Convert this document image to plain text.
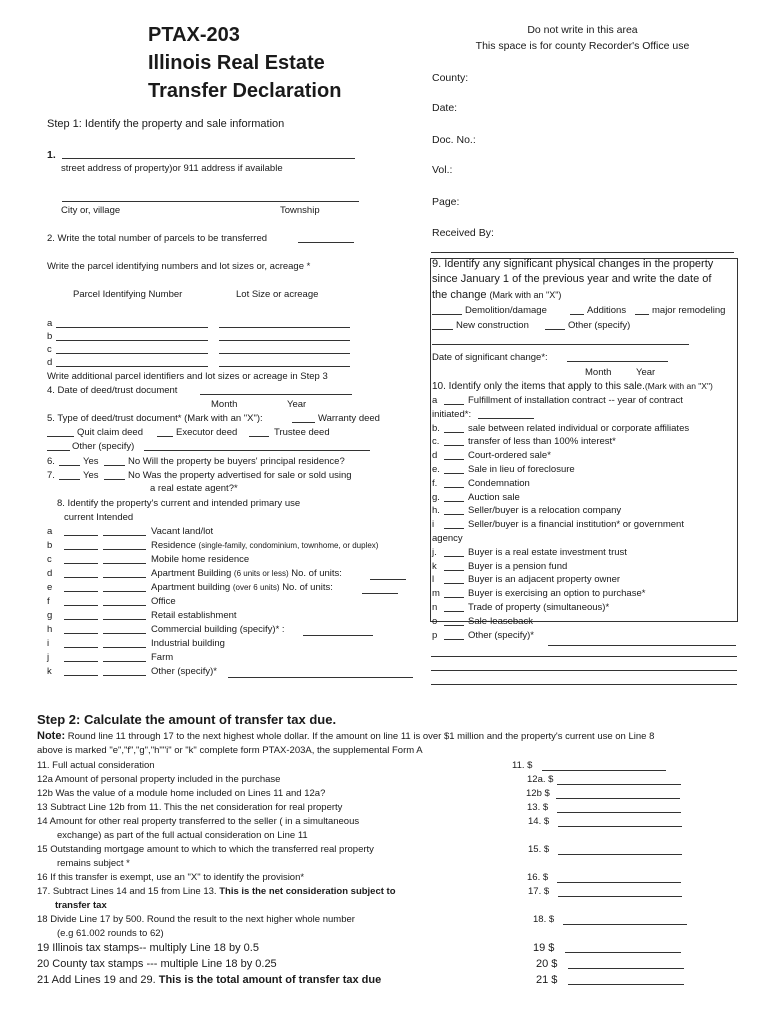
PTAX-203
Illinois Real Estate
Transfer Declaration
Do not write in this area
This space is for county Recorder's Office use
County:
Date:
Doc. No.:
Vol.:
Page:
Received By:
Step 1: Identify the property and sale information
1.
street address of property)or 911 address if available
City or, village	Township
2. Write the total number of parcels to be transferred
Write the parcel identifying numbers and lot sizes or, acreage *
Parcel Identifying Number	Lot Size or acreage
a
b
c
d
Write additional parcel identifiers and lot sizes or acreage in Step 3
4. Date of deed/trust document
Month	Year
5. Type of deed/trust document* (Mark with an "X"):	Warranty deed
Quit claim deed	Executor deed	Trustee deed
Other (specify)
6.	Yes	No Will the property be buyers' principal residence?
7.	Yes	No Was the property advertised for sale or sold using
a real estate agent?*
8. Identify the property's current and intended primary use
current Intended
a	Vacant land/lot
b	Residence (single-family, condominium, townhome, or duplex)
c	Mobile home residence
d	Apartment Building (6 units or less) No. of units:
e	Apartment building (over 6 units) No. of units:
f	Office
g	Retail establishment
h	Commercial building (specify)* :
i	Industrial building
j	Farm
k	Other (specify)*
9. Identify any significant physical changes in the property
since January 1 of the previous year and write the date of
the change (Mark with an "X")
Demolition/damage	Additions	major remodeling
New construction	Other (specify)
Date of significant change*:
Month	Year
10. Identify only the items that apply to this sale.(Mark with an "X")
a	Fulfillment of installation contract -- year of contract
initiated*:
b.	sale between related individual or corporate affiliates
c.	transfer of less than 100% interest*
d	Court-ordered sale*
e.	Sale in lieu of foreclosure
f.	Condemnation
g.	Auction sale
h.	Seller/buyer is a relocation company
i	Seller/buyer is a financial institution* or government
agency
j.	Buyer is a real estate investment trust
k	Buyer is a pension fund
l	Buyer is an adjacent property owner
m	Buyer is exercising an option to purchase*
n	Trade of property (simultaneous)*
o	Sale-leaseback
p	Other (specify)*
Step 2: Calculate the amount of transfer tax due.
Note: Round line 11 through 17 to the next highest whole dollar. If the amount on line 11 is over $1 million and the property's current use on Line 8
above is marked "e","f","g","h""i" or "k" complete form PTAX-203A, the supplemental Form A
11. Full actual consideration	11. $
12a Amount of personal property included in the purchase	12a. $
12b Was the value of a module home included on Lines 11 and 12a?	12b $
13 Subtract Line 12b from 11. This the net consideration for real property	13. $
14 Amount for other real property transferred to the seller ( in a simultaneous
exchange) as part of the full actual consideration on Line 11
14. $
15 Outstanding mortgage amount to which to which the transferred real property
remains subject *
15. $
16 If this transfer is exempt, use an "X" to identify the provision*	16. $
17. Subtract Lines 14 and 15 from Line 13. This is the net consideration subject to
transfer tax
17. $
18 Divide Line 17 by 500. Round the result to the next higher whole number
(e.g 61.002 rounds to 62)
18. $
19 Illinois tax stamps-- multiply Line 18 by 0.5	19 $
20 County tax stamps --- multiple Line 18 by 0.25	20 $
21 Add Lines 19 and 29. This is the total amount of transfer tax due	21 $
